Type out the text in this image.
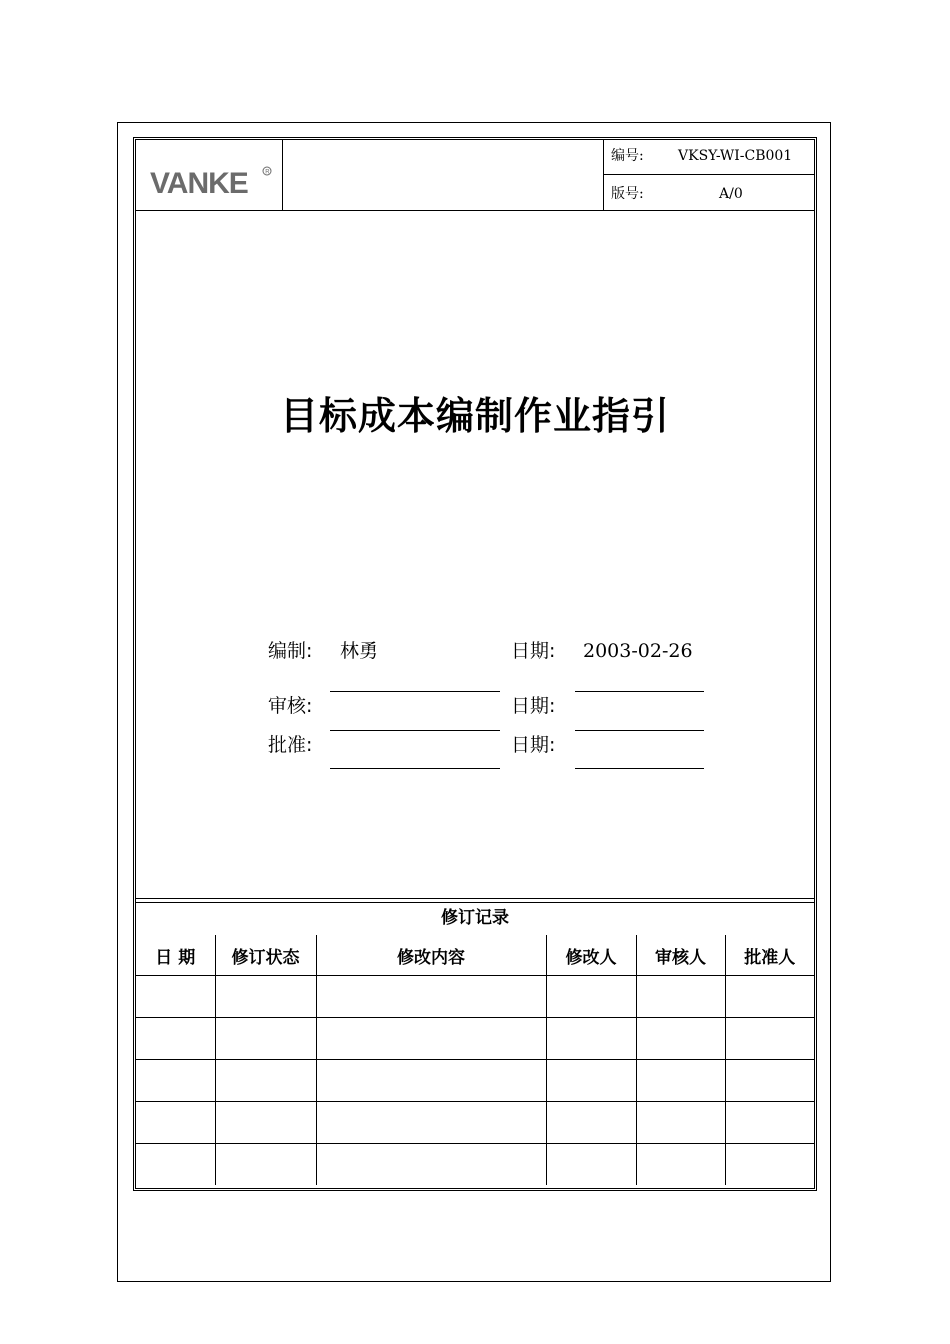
VANKE	R
编号: VKSY-WI-CB001
版号:	A/0
目标成本编制作业指引
编制: 林勇	日期: 2003-02-26
审核:	日期:
批准:	日期:
修订记录
日 期	修订状态	修改内容	修改人	审核人	批准人
